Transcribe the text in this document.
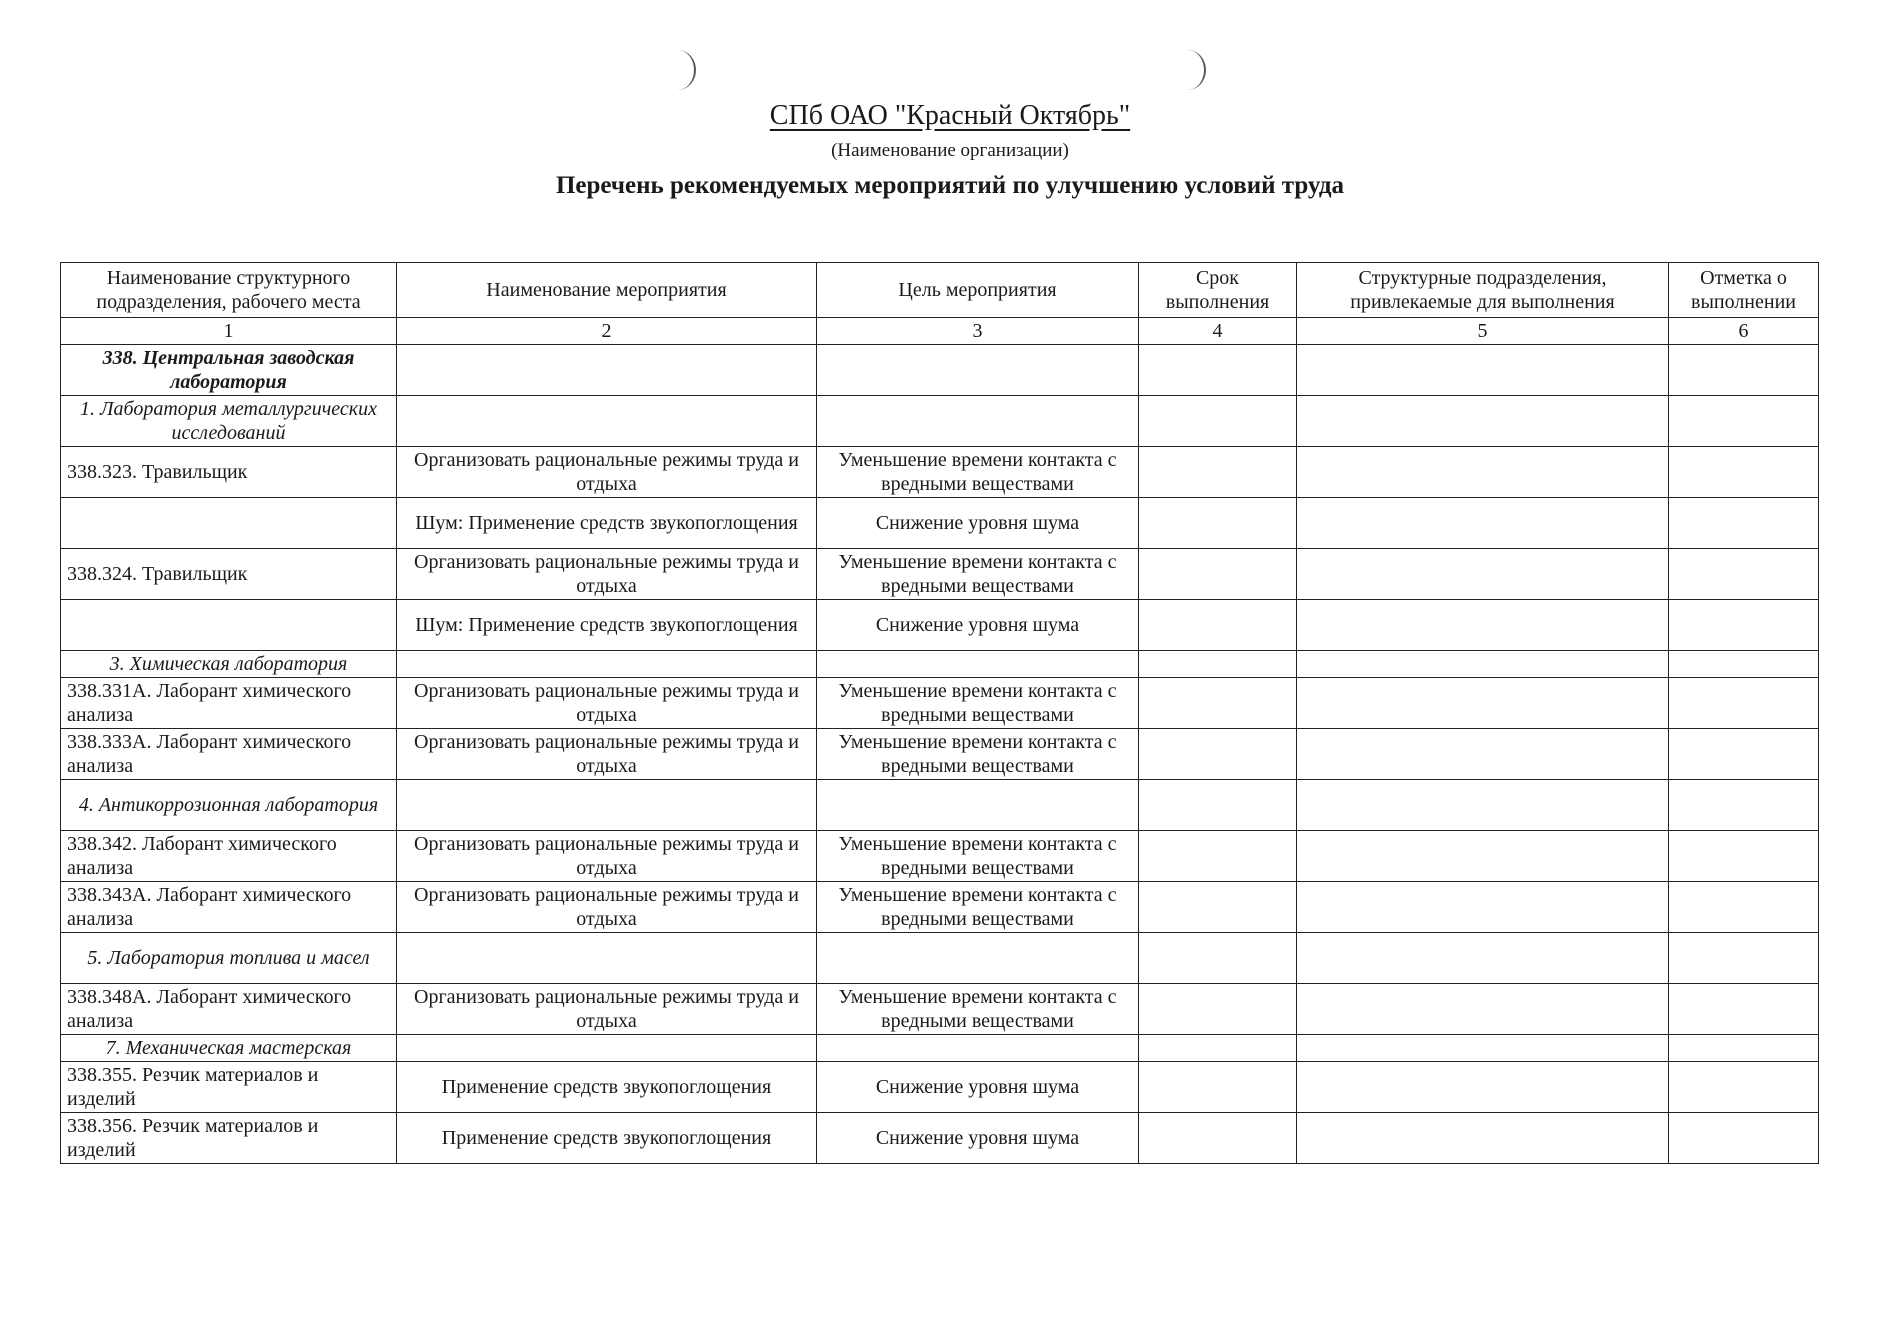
СПб ОАО "Красный Октябрь"
(Наименование организации)
Перечень рекомендуемых мероприятий по улучшению условий труда
Наименование структурного подразделения, рабочего места	Наименование мероприятия	Цель мероприятия	Срок выполнения	Структурные подразделения, привлекаемые для выполнения	Отметка о выполнении
1	2	3	4	5	6
338. Центральная заводская лаборатория					
1. Лаборатория металлургических исследований					
338.323. Травильщик	Организовать рациональные режимы труда и отдыха	Уменьшение времени контакта с вредными веществами			
	Шум: Применение средств звукопоглощения	Снижение уровня шума			
338.324. Травильщик	Организовать рациональные режимы труда и отдыха	Уменьшение времени контакта с вредными веществами			
	Шум: Применение средств звукопоглощения	Снижение уровня шума			
3. Химическая лаборатория					
338.331А. Лаборант химического анализа	Организовать рациональные режимы труда и отдыха	Уменьшение времени контакта с вредными веществами			
338.333А. Лаборант химического анализа	Организовать рациональные режимы труда и отдыха	Уменьшение времени контакта с вредными веществами			
4. Антикоррозионная лаборатория					
338.342. Лаборант химического анализа	Организовать рациональные режимы труда и отдыха	Уменьшение времени контакта с вредными веществами			
338.343А. Лаборант химического анализа	Организовать рациональные режимы труда и отдыха	Уменьшение времени контакта с вредными веществами			
5. Лаборатория топлива и масел					
338.348А. Лаборант химического анализа	Организовать рациональные режимы труда и отдыха	Уменьшение времени контакта с вредными веществами			
7. Механическая мастерская					
338.355. Резчик материалов и изделий	Применение средств звукопоглощения	Снижение уровня шума			
338.356. Резчик материалов и изделий	Применение средств звукопоглощения	Снижение уровня шума			
